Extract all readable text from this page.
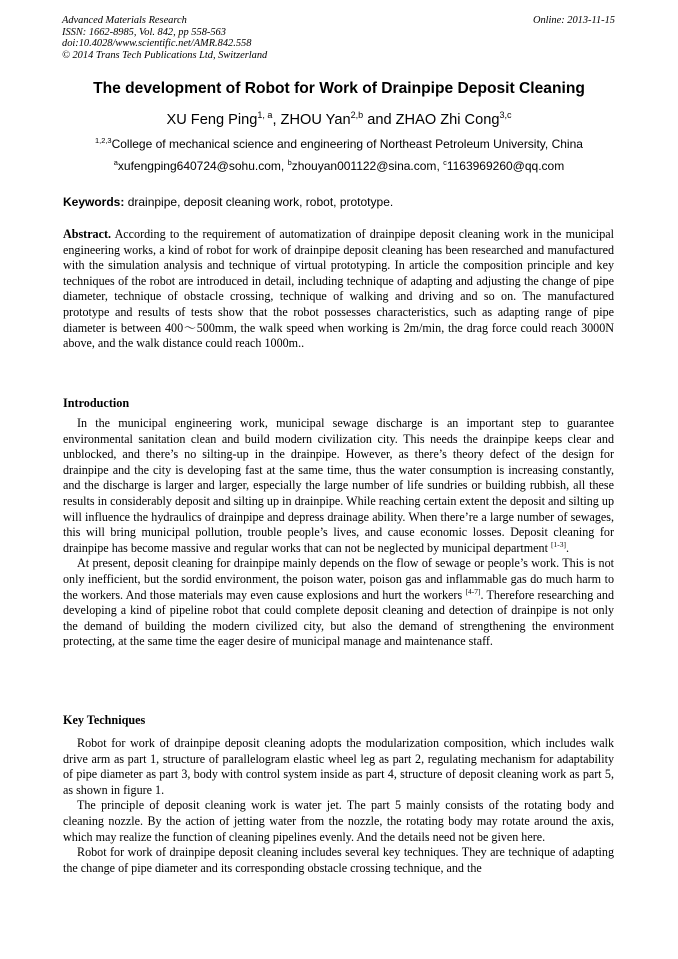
Advanced Materials Research
ISSN: 1662-8985, Vol. 842, pp 558-563
doi:10.4028/www.scientific.net/AMR.842.558
© 2014 Trans Tech Publications Ltd, Switzerland
Online: 2013-11-15
The development of Robot for Work of Drainpipe Deposit Cleaning
XU Feng Ping$^{1, a}$, ZHOU Yan$^{2,b}$ and ZHAO Zhi Cong$^{3,c}$
$^{1,2,3}$College of mechanical science and engineering of Northeast Petroleum University, China
$^a$xufengping640724@sohu.com, $^b$zhouyan001122@sina.com, $^c$1163969260@qq.com
Keywords: drainpipe, deposit cleaning work, robot, prototype.

Abstract. According to the requirement of automatization of drainpipe deposit cleaning work in the municipal engineering works, a kind of robot for work of drainpipe deposit cleaning has been researched and manufactured with the simulation analysis and technique of virtual prototyping. In article the composition principle and key techniques of the robot are introduced in detail, including technique of adapting and adjusting the change of pipe diameter, technique of obstacle crossing, technique of walking and driving and so on. The manufactured prototype and results of tests show that the robot possesses characteristics, such as adapting range of pipe diameter is between 400～500mm, the walk speed when working is 2m/min, the drag force could reach 3000N above, and the walk distance could reach 1000m..

Introduction

In the municipal engineering work, municipal sewage discharge is an important step to guarantee environmental sanitation clean and build modern civilization city. This needs the drainpipe keeps clear and unblocked, and there’s no silting-up in the drainpipe. However, as there’s theory defect of the design for drainpipe and the city is developing fast at the same time, thus the water consumption is increasing constantly, and the discharge is larger and larger, especially the large number of life sundries or building rubbish, all these results in considerably deposit and silting up in drainpipe. While reaching certain extent the deposit and silting up will influence the hydraulics of drainpipe and depress drainage ability. When there’re a large number of sewages, this will bring municipal pollution, trouble people’s lives, and cause economic losses. Deposit cleaning for drainpipe has become massive and regular works that can not be neglected by municipal department [1-3].

At present, deposit cleaning for drainpipe mainly depends on the flow of sewage or people’s work. This is not only inefficient, but the sordid environment, the poison water, poison gas and inflammable gas do much harm to the workers. And those materials may even cause explosions and hurt the workers [4-7]. Therefore researching and developing a kind of pipeline robot that could complete deposit cleaning and detection of drainpipe is not only the demand of building the modern civilized city, but also the demand of strengthening the environment protecting, at the same time the eager desire of municipal manage and maintenance staff.

Key Techniques

Robot for work of drainpipe deposit cleaning adopts the modularization composition, which includes walk drive arm as part 1, structure of parallelogram elastic wheel leg as part 2, regulating mechanism for adaptability of pipe diameter as part 3, body with control system inside as part 4, structure of deposit cleaning work as part 5, as shown in figure 1.

The principle of deposit cleaning work is water jet. The part 5 mainly consists of the rotating body and cleaning nozzle. By the action of jetting water from the nozzle, the rotating body may rotate around the axis, which may realize the function of cleaning pipelines evenly. And the details need not be given here.

Robot for work of drainpipe deposit cleaning includes several key techniques. They are technique of adapting the change of pipe diameter and its corresponding obstacle crossing technique, and the
